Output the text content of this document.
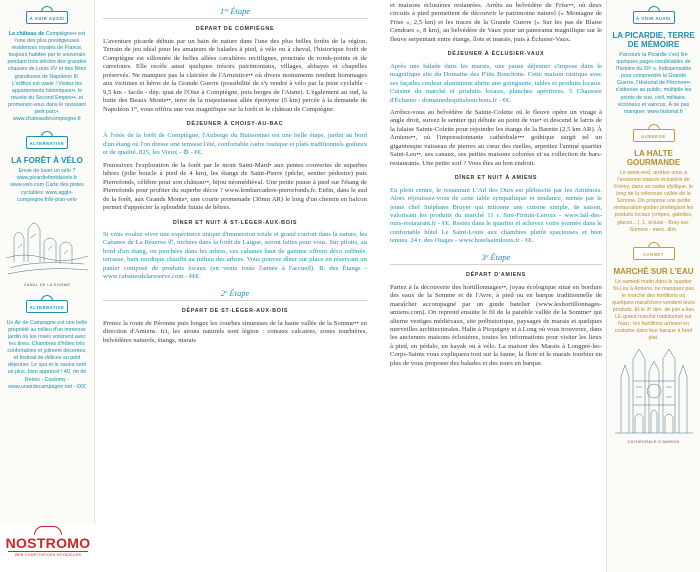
À VOIR AUSSI
Le château de Compiègne•• est l'une des plus prestigieuses résidences royales de France, toujours habitée par le souverain pendant trois siècles des grandes chasses de Louis XV et des fêtes grandioses de Napoléon III. L'édifice est vaste ! Visitez les appartements historiques••, le musée du Second Empire••, et promenez-vous dans le ravissant petit parc•. www.chateaudecompiegne.fr
ALTERNATIVE
LA FORÊT À VÉLO
Envie de louer un vélo ? www.picardiefontdavelo.fr www.velo.com Carte des pistes cyclables: www.agglo-compiegne.fr/le-plan-velo
CANAL DE LA SOMME
ALTERNATIVE
Un Air de Campagne est une belle propriété au milieu d'un immense jardin où les roses voisinent avec les ânes. Chambres d'hôtes très confortables et joliment décorées, et festival de délices au petit déjeuner. Le spa et le sauna sont un plus, bien apprécié ! 40, rte de Reims - Coutomy - www.unairdecampagne.net - €€€
NOSTROMO
WEB COMPTOIR DES VOYAGEURS
1ʳᵉ Étape
DÉPART DE COMPIÈGNE

L'aventure picarde débute par un bain de nature dans l'une des plus belles forêts de la région. Terrain de jeu idéal pour les amateurs de balades à pied, à vélo ou à cheval, l'historique forêt de Compiègne est sillonnée de belles allées cavalières rectilignes, ponctuée de ronds-points et de carrefours. Elle recèle aussi quelques trésors patrimoniaux, villages, abbayes et chapelles préservés. Ne manquez pas la clairière de l'Armistice•• où divers monuments rendent hommages aux victimes et héros de la Grande Guerre (possibilité de s'y rendre à vélo par la piste cyclable - 9,5 km - facile - dép. quai de l'Oise à Compiègne, puis berges de l'Aisne). L'également au sud, la butte des Beaux Monts••, terre de la majestueuse allée éponyme (5 km) percée à la demande de Napoléon 1ᵉʳ, vous offrira une vue magnifique sur la forêt et le château de Compiègne.

DÉJEUNER À CHOISY-AU-BAC

À l'orée de la forêt de Compiègne, l'Auberge du Buissonnet est une belle étape, jardin au bord d'un étang où l'on dresse une terrasse l'été, confortable cadre rustique et plats traditionnels goûteux et de qualité. 825, les Vieux - ⚙ - €€.

Poursuivez l'exploration de la forêt par le mont Saint-Mard• aux pentes couvertes de superbes hêtres (jolie boucle à pied de 4 km), les étangs de Saint-Pierre (pêche, sentier pédestre) puis Pierrefonds, célèbre pour son château••, bijou néomédiéval. Une petite pause à pied sur l'étang de Pierrefonds pour profiter du superbe décor ? www.lembarcadere-pierrefonds.fr. Enfin, dans le sud de la forêt, aux Grands Monts•, une courte promenade (30mn AR) le long d'un chemin en balcon permet d'apprécier la splendide futaie de hêtres.

DÎNER ET NUIT À ST-LÉGER-AUX-BOIS

Si vous voulez vivre une expérience unique d'immersion totale et grand confort dans la nature, les Cabanes de La Réserve ✆, nichées dans la forêt de Laigue, seront faites pour vous. Sur pilotis, au bord d'un étang, ou perchées dans les arbres, ces cabanes haut de gamme offrent déco raffinée, terrasse, bain nordique chauffé au milieu des arbres. Vous pouvez dîner sur place en réservant un panier composé de produits locaux (en vente toute l'année à l'accueil). R. des Étangs - www.cabanesdelareserve.com - €€€.

2ᵉ Étape
DÉPART DE ST-LÉGER-AUX-BOIS

Prenez la route de Péronne puis longez les courbes sinueuses de la haute vallée de la Somme•• en direction d'Amiens. Ici, les atouts naturels sont légion : coteaux calcaires, zones tourbières, belvédères naturels, étangs, marais

et maisons éclusières restaurées. Arrêts au belvédère de Frise••, où deux circuits à pied permettent de découvrir le patrimoine naturel (« Montagne de Frise », 2,5 km) et les traces de la Grande Guerre (« Sur les pas de Blaise Cendrars », 8 km), au belvédère de Vaux pour un panorama magnifique sur le fleuve serpentant entre étangs, îlots et marais, puis à Éclusier-Vaux.

DÉJEUNER À ÉCLUSIER-VAUX

Après une balade dans les marais, une pause déjeuner s'impose dans le magnifique site du Domaine des P'tits Bouchons. Cette maison rustique avec ses façades couleur aluminium abrite une guinguette, tables et produits locaux. Cuisine du marché et produits locaux, planches apéritives. 5 Chaussée d'Éclusier - domainedesptitsbouchons.fr - €€.

Arrêtez-vous au belvédère de Sainte-Colette où le fleuve opère un virage à angle droit, suivez le sentier qui débute au point de vue• et descend le larris de la falaise Sainte-Colette pour rejoindre les étangs de la Barette (2,5 km AR). À Amiens••, où l'impressionnante cathédrale••• gothique surgit tel un gigantesque vaisseau de pierres au cœur des ruelles, arpentez l'animé quartier Saint-Leu••, ses canaux, ses petites maisons colorées et sa collection de bars-restaurants. Une petite soif ? Vous êtes au bon endroit.

DÎNER ET NUIT À AMIENS

En plein centre, le restaurant L'Aïl des Ours est plébiscité par les Amiénois. Alors réjouissez-vous de cette table sympathique et tendance, menée par le jeune chef Stéphane Bruyer qui mitonne une cuisine simple, de saison, valorisant les produits du marché 11 r. Sire-Firmin-Leroux - www.lail-des-ours-restaurant.fr - €€. Restez dans le quartier et achevez votre journée dans le confortable hôtel Le Saint-Louis aux chambres plutôt spacieuses et bien tenues. 24 r. des Otages - www.hotelsaintlouis.fr - €€.

3ᵉ Étape
DÉPART D'AMIENS

Partez à la découverte des hortillonnages••, joyau écologique situé en bordure des eaux de la Somme et de l'Avre, à pied ou en barque traditionnelle de maraîcher accompagné par un guide batelier (www.leshortillonnages-amiens.com). On reprend ensuite le fil de la paisible vallée de la Somme• qui alterne vestiges médiévaux, site préhistorique, paysages de marais et quelques merveilles architecturales. Halte à Picquigny et à Long où vous trouverez, dans les anciennes maisons éclusières, toutes les informations pour visiter les lieux à pied, en pédalo, en kayak ou à vélo. La maison des Marais à Longpré-les-Corps-Saints vous expliquera tout sur la faune, la flore et le marais tourbier en plus de vous proposer des balades et des tours en barque.

À VOIR AUSSI
LA PICARDIE, TERRE DE MÉMOIRE
Parcourir la Picardie c'est lire quelques pages inoubliables de l'histoire du 20ᵉ s. Indispensable pour comprendre la Grande Guerre, l'Historial de Péronne•• s'adresse au public, multiplie les points de vue, civil, militaire, victorieux et vaincus. À ne pas manquer. www.historial.fr
AUBERGE
LA HALTE GOURMANDE
Le week-end, arrêtez-vous à l'ancienne maison éclusière de Frémy, dans un cadre idyllique, le long de la véloroute vallée de la Somme. On propose une petite restauration-goûter privilégiant les produits locaux (crêpes, galettes, glaces…). 1, écluse - Bray-sur-Somme - merc. dim.
CARNET
MARCHÉ SUR L'EAU
Le samedi matin dans le quartier St-Leu à Amiens, ne manquez pas le marché des hortillons où quelques maraîchers vendent leurs produits. Et le 3ᵉ dim. de juin a lieu LE grand marché traditionnel sur l'eau : les hortillons arrivent en costume dans leur barque à fond plat.
CATHÉDRALE D'AMIENS
